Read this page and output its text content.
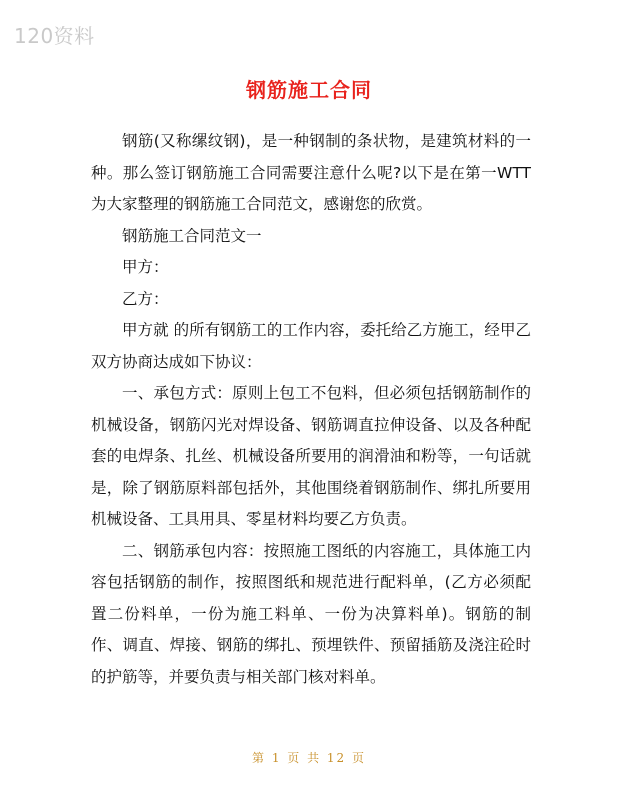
120资料
钢筋施工合同

钢筋(又称缧纹钢)，是一种钢制的条状物，是建筑材料的一种。那么签订钢筋施工合同需要注意什么呢?以下是在第一WTT为大家整理的钢筋施工合同范文，感谢您的欣赏。

钢筋施工合同范文一

甲方：

乙方：

甲方就 的所有钢筋工的工作内容，委托给乙方施工，经甲乙双方协商达成如下协议：

一、承包方式：原则上包工不包料，但必须包括钢筋制作的机械设备，钢筋闪光对焊设备、钢筋调直拉伸设备、以及各种配套的电焊条、扎丝、机械设备所要用的润滑油和粉等，一句话就是，除了钢筋原料部包括外，其他围绕着钢筋制作、绑扎所要用机械设备、工具用具、零星材料均要乙方负责。

二、钢筋承包内容：按照施工图纸的内容施工，具体施工内容包括钢筋的制作，按照图纸和规范进行配料单，(乙方必须配置二份料单，一份为施工料单、一份为决算料单)。钢筋的制作、调直、焊接、钢筋的绑扎、预埋铁件、预留插筋及浇注砼时的护筋等，并要负责与相关部门核对料单。

第 1 页 共 12 页
